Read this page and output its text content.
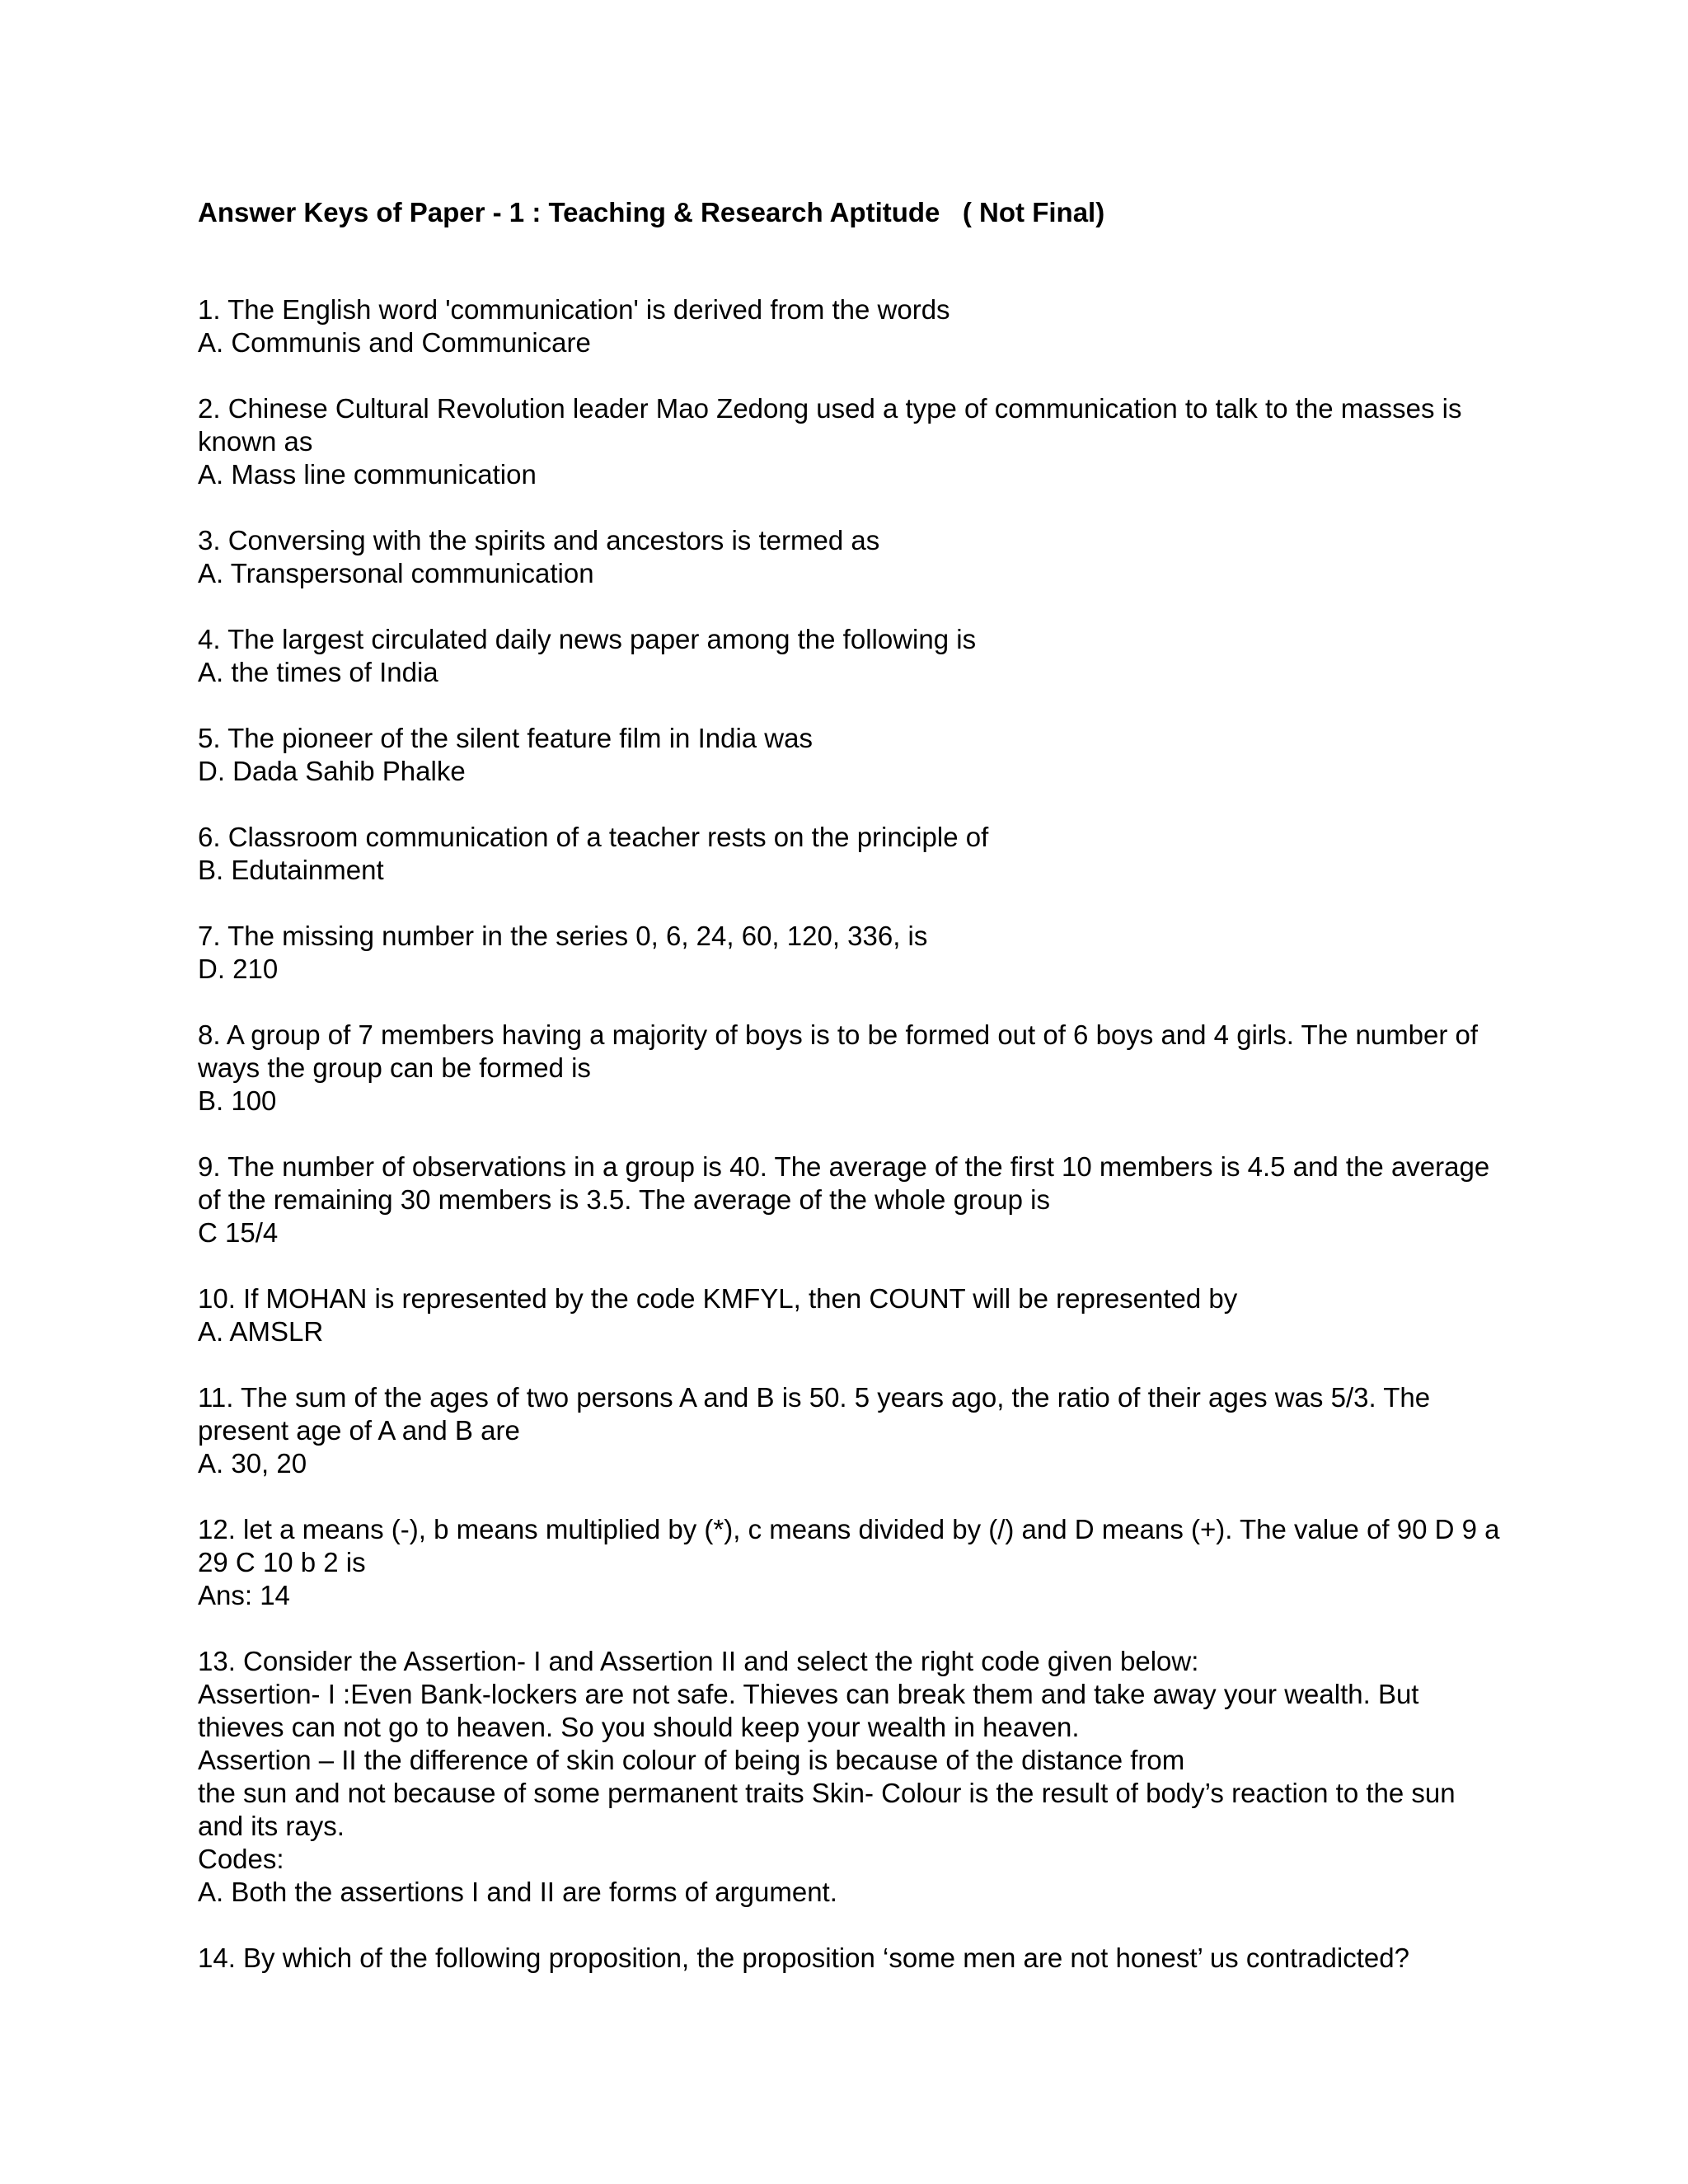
Answer Keys of Paper - 1 : Teaching & Research Aptitude   ( Not Final)

1. The English word 'communication' is derived from the words

A. Communis and Communicare

2. Chinese Cultural Revolution leader Mao Zedong used a type of communication to talk to the masses is known as

A. Mass line communication

3. Conversing with the spirits and ancestors is termed as

A. Transpersonal communication

4. The largest circulated daily news paper among the following is

A. the times of India

5. The pioneer of the silent feature film in India was

D. Dada Sahib Phalke

6. Classroom communication of a teacher rests on the principle of

B. Edutainment

7. The missing number in the series 0, 6, 24, 60, 120, 336, is

D. 210

8. A group of 7 members having a majority of boys is to be formed out of 6 boys and 4 girls. The number of ways the group can be formed is

B. 100

9. The number of observations in a group is 40. The average of the first 10 members is 4.5 and the average of the remaining 30 members is 3.5. The average of the whole group is

C 15/4

10. If MOHAN is represented by the code KMFYL, then COUNT will be represented by

A. AMSLR

11. The sum of the ages of two persons A and B is 50. 5 years ago, the ratio of their ages was 5/3. The present age of A and B are

A. 30, 20

12. let a means (-), b means multiplied by (*), c means divided by (/) and D means (+). The value of 90 D 9 a 29 C 10 b 2 is

Ans: 14

13. Consider the Assertion- I and Assertion II and select the right code given below:

Assertion- I :Even Bank-lockers are not safe. Thieves can break them and take away your wealth. But thieves can not go to heaven. So you should keep your wealth in heaven.

Assertion – II the difference of skin colour of being is because of the distance from

the sun and not because of some permanent traits Skin- Colour is the result of body’s reaction to the sun and its rays.

Codes:

A. Both the assertions I and II are forms of argument.

14. By which of the following proposition, the proposition ‘some men are not honest’ us contradicted?
